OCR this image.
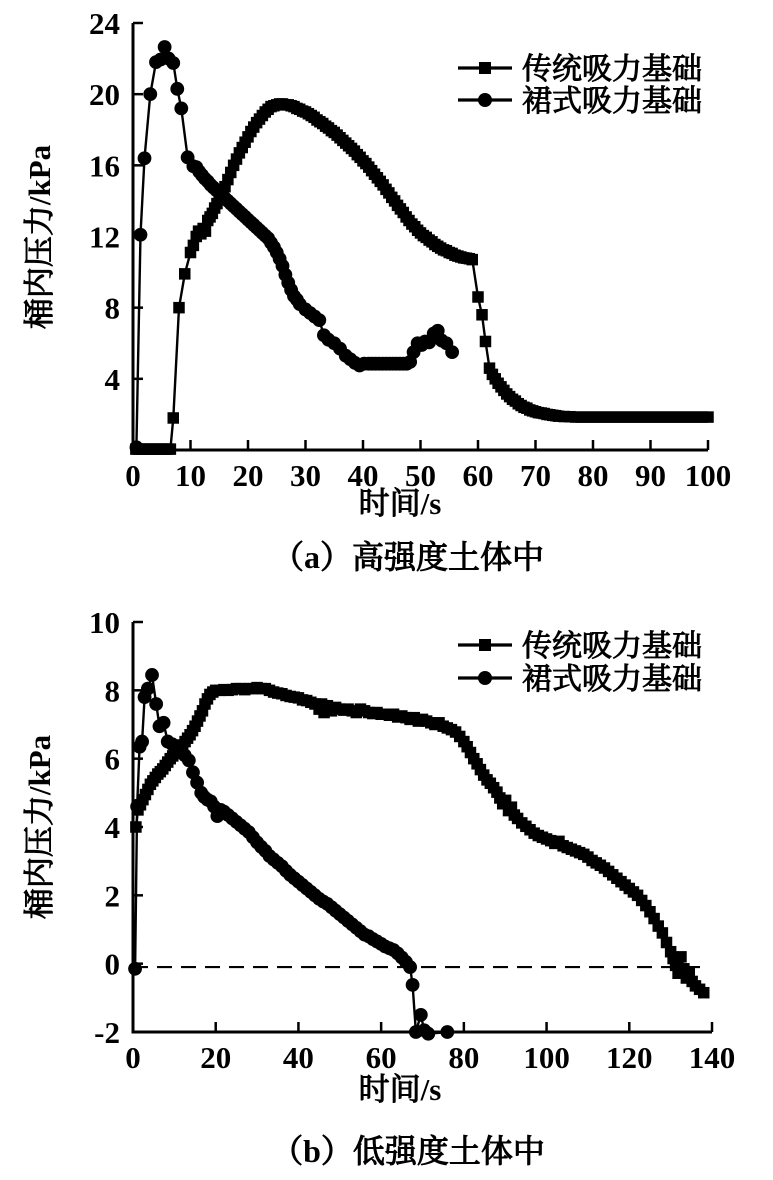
0 10 20 30 40 50 60 70 80 90 100
4
8
12
16
20
24
桶内压力/kPa
时间/s
（a）高强度土体中
传统吸力基础
裙式吸力基础
0 20 40 60 80 100 120 140
-2
0
2
4
6
8
10
桶内压力/kPa
时间/s
（b）低强度土体中
传统吸力基础
裙式吸力基础
